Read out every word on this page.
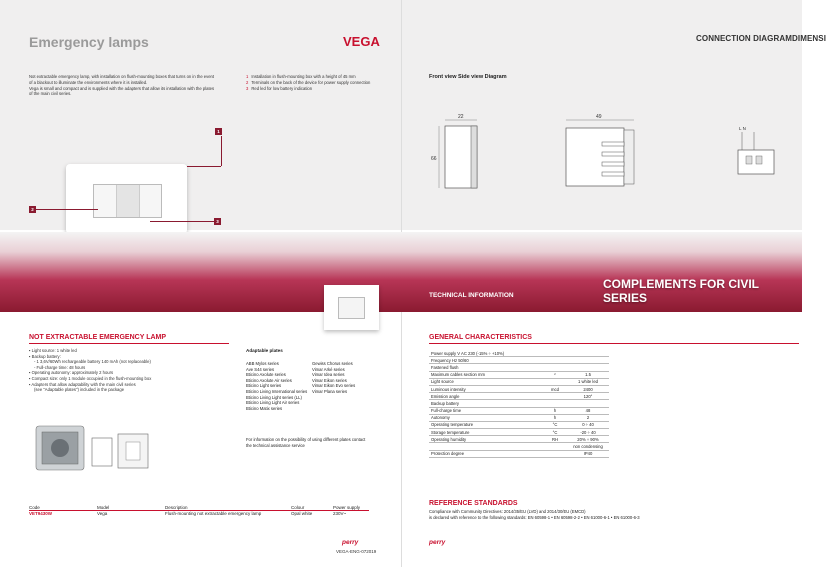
Emergency lamps	VEGA	CONNECTION DIAGRAMDIMENSI
Not extractable emergency lamp, with installation on flush-mounting boxes that turns on in the event
of a blackout to illuminate the environments where it is installed.
Vega is small and compact and is supplied with the adapters that allow its installation with the plates
of the main civil series.
1 Installation in flush-mounting box with a height of 45 mm
2 Terminals on the back of the device for power supply connection
3 Red led for low battery indication
Front view Side view Diagram
22
66
49
L N
1
2
3
COMPLEMENTS FOR CIVIL SERIES
TECHNICAL INFORMATION
NOT EXTRACTABLE EMERGENCY LAMP
▪ Light source: 1 white led
▪ Backup battery:
- 1 3,6V/60Wh rechargeable battery 140 mAh (not replaceable)
- Full-charge time: 48 hours
▪ Operating autonomy: approximately 2 hours
▪ Compact size: only 1 module occupied in the flush-mounting box
▪ Adapters that allow adaptability with the main civil series
(see "Adaptable plates") included in the package
Adaptable plates
ABB Mylos series
Ave S44 series
Bticino Axolute series
Bticino Axolute Air series
Bticino Light series
Bticino Living International series
Bticino Living Light series (LL)
Bticino Living Light Air series
Bticino Matix series
Gewiss Chorus series
Vimar Arké series
Vimar Idea series
Vimar Eikon series
Vimar Eikon Evo series
Vimar Plana series
For information on the possibility of using different plates contact the technical assistance service
Code	Model	Description	Colour	Power supply

VET9430W	Vega	Flush-mounting not extractable emergency lamp	Opal white	230V~
perry
VEGA-ENG-072019
GENERAL CHARACTERISTICS
Power supply V AC 230 (-15% ÷ +10%)		
Frequency Hz 50/60		
Fastened flush		
Maximum cables section mm	²	1.5
Light source		1 white led
Luminous intensity	mcd	2400
Emission angle		120°
Backup battery		
Full-charge time	h	48
Autonomy	h	2
Operating temperature	°C	0 ÷ 40
Storage temperature	°C	-20 ÷ 40
Operating humidity	RH	20% ÷ 90%
		non condensing
Protection degree		IP40
REFERENCE STANDARDS
Compliance with Community Directives: 2014/35/EU (LVD) and 2014/30/EU (EMCD)
is declared with reference to the following standards: EN 60598-1 • EN 60598-2-2 • EN 61000-6-1 • EN 61000-6-3
perry
